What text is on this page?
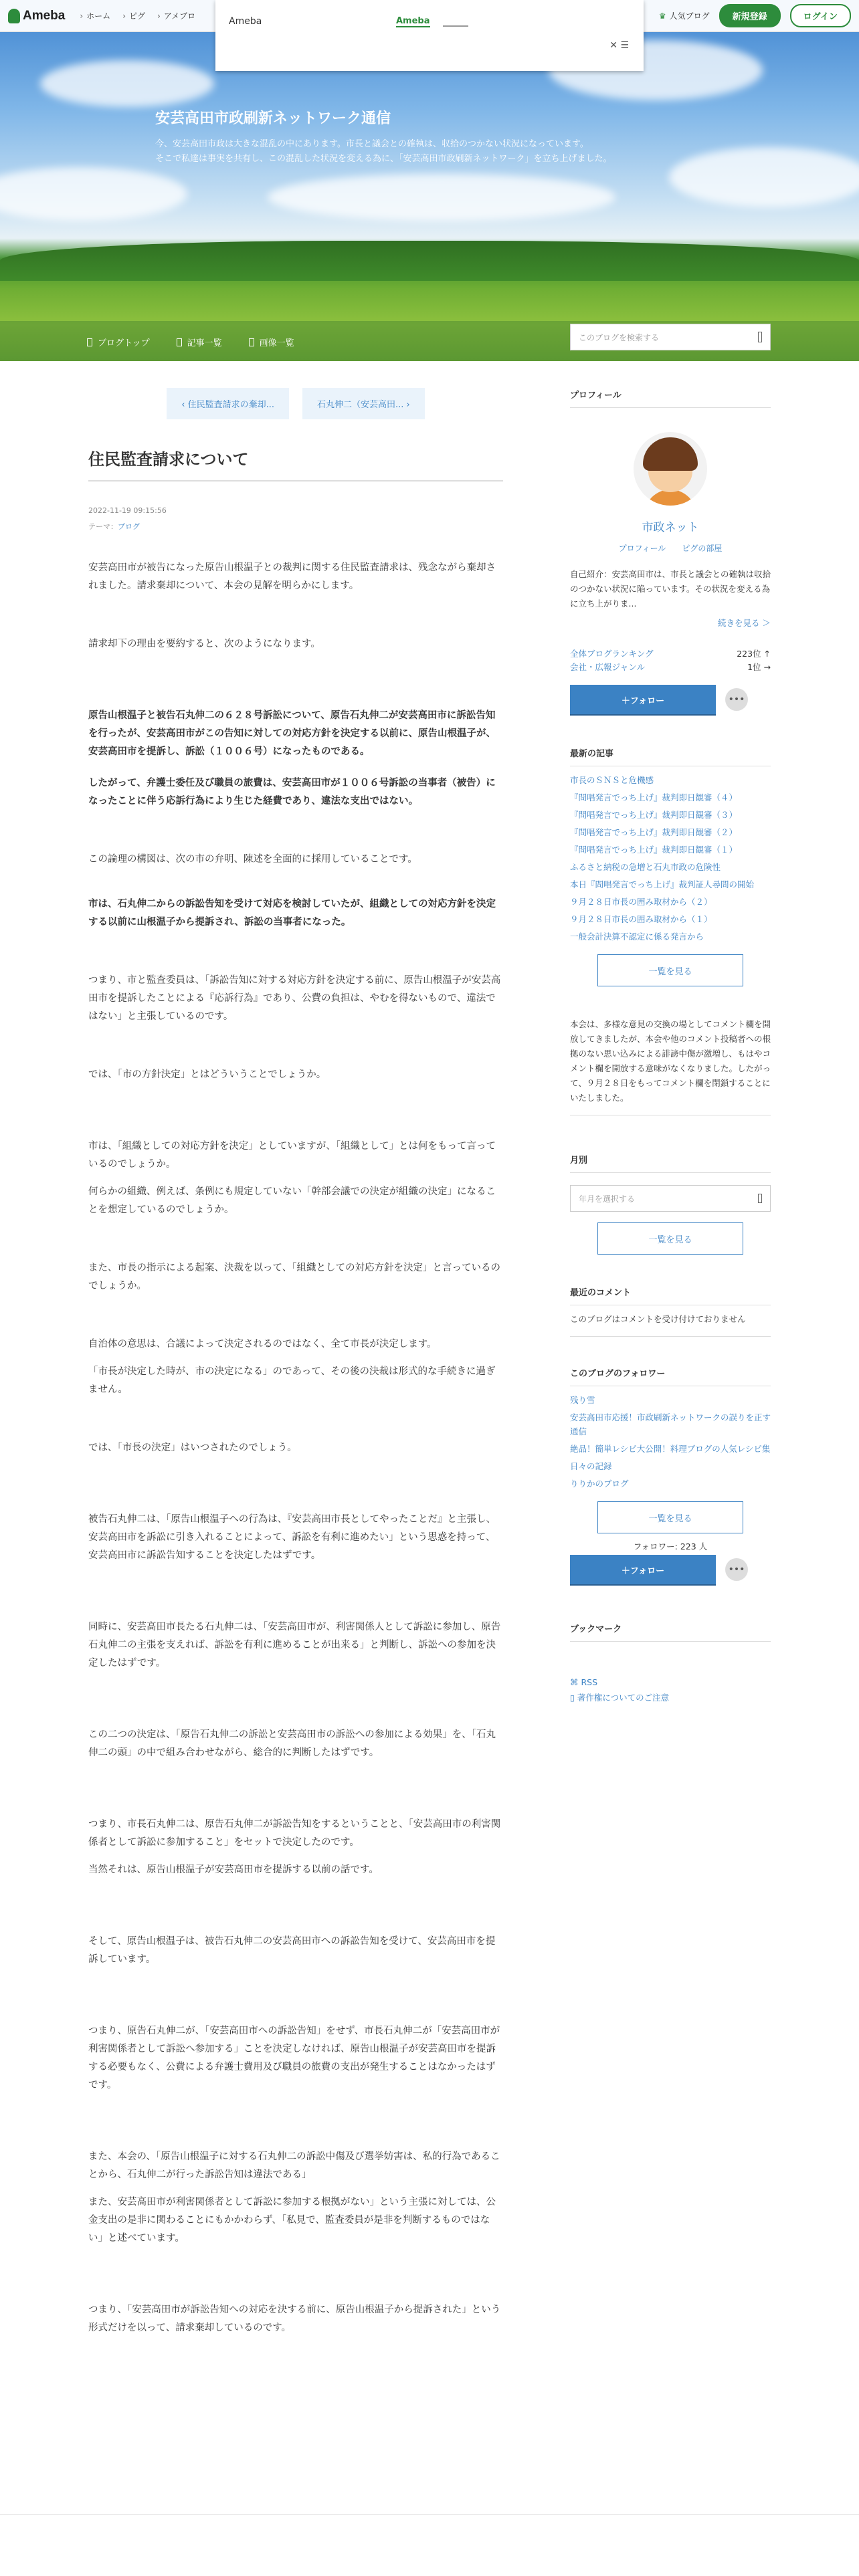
安芸高田市政刷新ネットワーク通信
今、安芸高田市政は大きな混乱の中にあります。市長と議会との確執は、収拾のつかない状況になっています。
そこで私達は事実を共有し、この混乱した状況を変える為に、「安芸高田市政刷新ネットワーク」を立ち上げました。
ブログトップ	記事一覧	画像一覧
このブログを検索する
Ameba	› ホーム	› ピグ	› アメブロ	♛ 人気ブログ	新規登録	ログイン
Ameba	Ameba
✕ ☰
‹ 住民監査請求の棄却...	石丸伸二（安芸高田... ›
住民監査請求について
2022-11-19 09:15:56
テーマ：ブログ

安芸高田市が被告になった原告山根温子との裁判に関する住民監査請求は、残念ながら棄却されました。請求棄却について、本会の見解を明らかにします。

請求却下の理由を要約すると、次のようになります。

原告山根温子と被告石丸伸二の６２８号訴訟について、原告石丸伸二が安芸高田市に訴訟告知を行ったが、安芸高田市がこの告知に対しての対応方針を決定する以前に、原告山根温子が、安芸高田市を提訴し、訴訟（１００６号）になったものである。

したがって、弁護士委任及び職員の旅費は、安芸高田市が１００６号訴訟の当事者（被告）になったことに伴う応訴行為により生じた経費であり、違法な支出ではない。

この論理の構図は、次の市の弁明、陳述を全面的に採用していることです。

市は、石丸伸二からの訴訟告知を受けて対応を検討していたが、組織としての対応方針を決定する以前に山根温子から提訴され、訴訟の当事者になった。

つまり、市と監査委員は、「訴訟告知に対する対応方針を決定する前に、原告山根温子が安芸高田市を提訴したことによる『応訴行為』であり、公費の負担は、やむを得ないもので、違法ではない」と主張しているのです。

では、「市の方針決定」とはどういうことでしょうか。

市は、「組織としての対応方針を決定」としていますが、「組織として」とは何をもって言っているのでしょうか。

何らかの組織、例えば、条例にも規定していない「幹部会議での決定が組織の決定」になることを想定しているのでしょうか。

また、市長の指示による起案、決裁を以って、「組織としての対応方針を決定」と言っているのでしょうか。

自治体の意思は、合議によって決定されるのではなく、全て市長が決定します。

「市長が決定した時が、市の決定になる」のであって、その後の決裁は形式的な手続きに過ぎません。

では、「市長の決定」はいつされたのでしょう。

被告石丸伸二は、「原告山根温子への行為は、『安芸高田市長としてやったことだ』と主張し、安芸高田市を訴訟に引き入れることによって、訴訟を有利に進めたい」という思惑を持って、安芸高田市に訴訟告知することを決定したはずです。

同時に、安芸高田市長たる石丸伸二は、「安芸高田市が、利害関係人として訴訟に参加し、原告石丸伸二の主張を支えれば、訴訟を有利に進めることが出来る」と判断し、訴訟への参加を決定したはずです。

この二つの決定は、「原告石丸伸二の訴訟と安芸高田市の訴訟への参加による効果」を、「石丸伸二の頭」の中で組み合わせながら、総合的に判断したはずです。

つまり、市長石丸伸二は、原告石丸伸二が訴訟告知をするということと、「安芸高田市の利害関係者として訴訟に参加すること」をセットで決定したのです。

当然それは、原告山根温子が安芸高田市を提訴する以前の話です。

そして、原告山根温子は、被告石丸伸二の安芸高田市への訴訟告知を受けて、安芸高田市を提訴しています。

つまり、原告石丸伸二が、「安芸高田市への訴訟告知」をせず、市長石丸伸二が「安芸高田市が利害関係者として訴訟へ参加する」ことを決定しなければ、原告山根温子が安芸高田市を提訴する必要もなく、公費による弁護士費用及び職員の旅費の支出が発生することはなかったはずです。

また、本会の、「原告山根温子に対する石丸伸二の訴訟中傷及び選挙妨害は、私的行為であることから、石丸伸二が行った訴訟告知は違法である」

また、安芸高田市が利害関係者として訴訟に参加する根拠がない」という主張に対しては、公金支出の是非に関わることにもかかわらず、「私見で、監査委員が是非を判断するものではない」と述べています。

つまり、「安芸高田市が訴訟告知への対応を決する前に、原告山根温子から提訴された」という形式だけを以って、請求棄却しているのです。

プロフィール
市政ネット
プロフィール　　ピグの部屋
自己紹介：安芸高田市は、市長と議会との確執は収拾のつかない状況に陥っています。その状況を変える為に立ち上がりま...
続きを見る ＞
全体ブログランキング	223位 ↑
会社・広報ジャンル	1位 →
＋フォロー	•••
最新の記事
市長のＳＮＳと危機感
『問唱発言でっち上げ』裁判即日観審（４）
『問唱発言でっち上げ』裁判即日観審（３）
『問唱発言でっち上げ』裁判即日観審（２）
『問唱発言でっち上げ』裁判即日観審（１）
ふるさと納税の急増と石丸市政の危険性
本日『問唱発言でっち上げ』裁判証人尋問の開始
９月２８日市長の囲み取材から（２）
９月２８日市長の囲み取材から（１）
一般会計決算不認定に係る発言から
一覧を見る
本会は、多様な意見の交換の場としてコメント欄を開放してきましたが、本会や他のコメント投稿者への根拠のない思い込みによる誹謗中傷が激増し、もはやコメント欄を開放する意味がなくなりました。したがって、９月２８日をもってコメント欄を閉鎖することにいたしました。
月別
年月を選択する
一覧を見る
最近のコメント
このブログはコメントを受け付けておりません
このブログのフォロワー
残り雪
安芸高田市応援！市政刷新ネットワークの誤りを正す通信
絶品！簡単レシピ大公開！料理ブログの人気レシピ集
日々の記録
りりかのブログ
一覧を見る
フォロワー: 223 人
＋フォロー	•••
ブックマーク
⌘ RSS
▯ 著作権についてのご注意
